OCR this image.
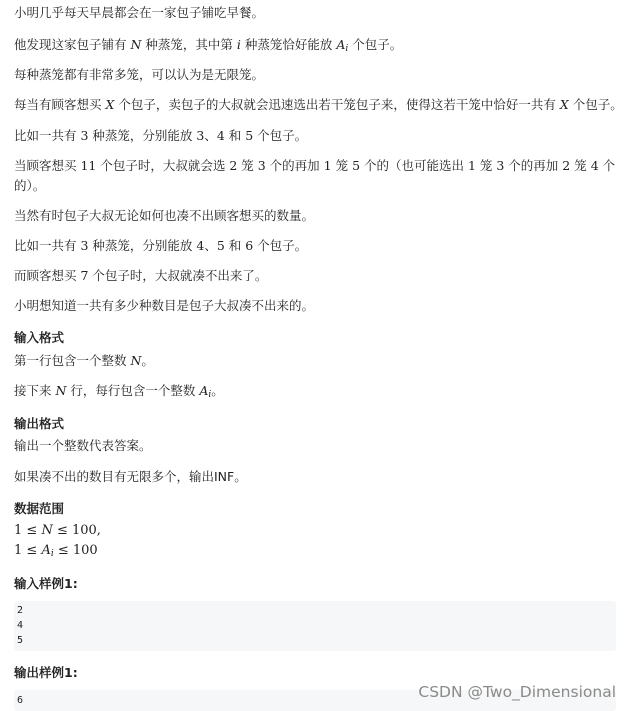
小明几乎每天早晨都会在一家包子铺吃早餐。
他发现这家包子铺有 N 种蒸笼，其中第 i 种蒸笼恰好能放 $A_i$ 个包子。
每种蒸笼都有非常多笼，可以认为是无限笼。
每当有顾客想买 X 个包子，卖包子的大叔就会迅速选出若干笼包子来，使得这若干笼中恰好一共有 X 个包子。
比如一共有 3 种蒸笼，分别能放 3、4 和 5 个包子。
当顾客想买 11 个包子时，大叔就会选 2 笼 3 个的再加 1 笼 5 个的（也可能选出 1 笼 3 个的再加 2 笼 4 个
的）。
当然有时包子大叔无论如何也凑不出顾客想买的数量。
比如一共有 3 种蒸笼，分别能放 4、5 和 6 个包子。
而顾客想买 7 个包子时，大叔就凑不出来了。
小明想知道一共有多少种数目是包子大叔凑不出来的。
输入格式
第一行包含一个整数 N。
接下来 N 行，每行包含一个整数 $A_i$。
输出格式
输出一个整数代表答案。
如果凑不出的数目有无限多个，输出INF。
数据范围
1 ≤ N ≤ 100,
$1 \le A_i \le 100$
输入样例1:
2
4
5
输出样例1:
6	CSDN @Two_Dimensional
